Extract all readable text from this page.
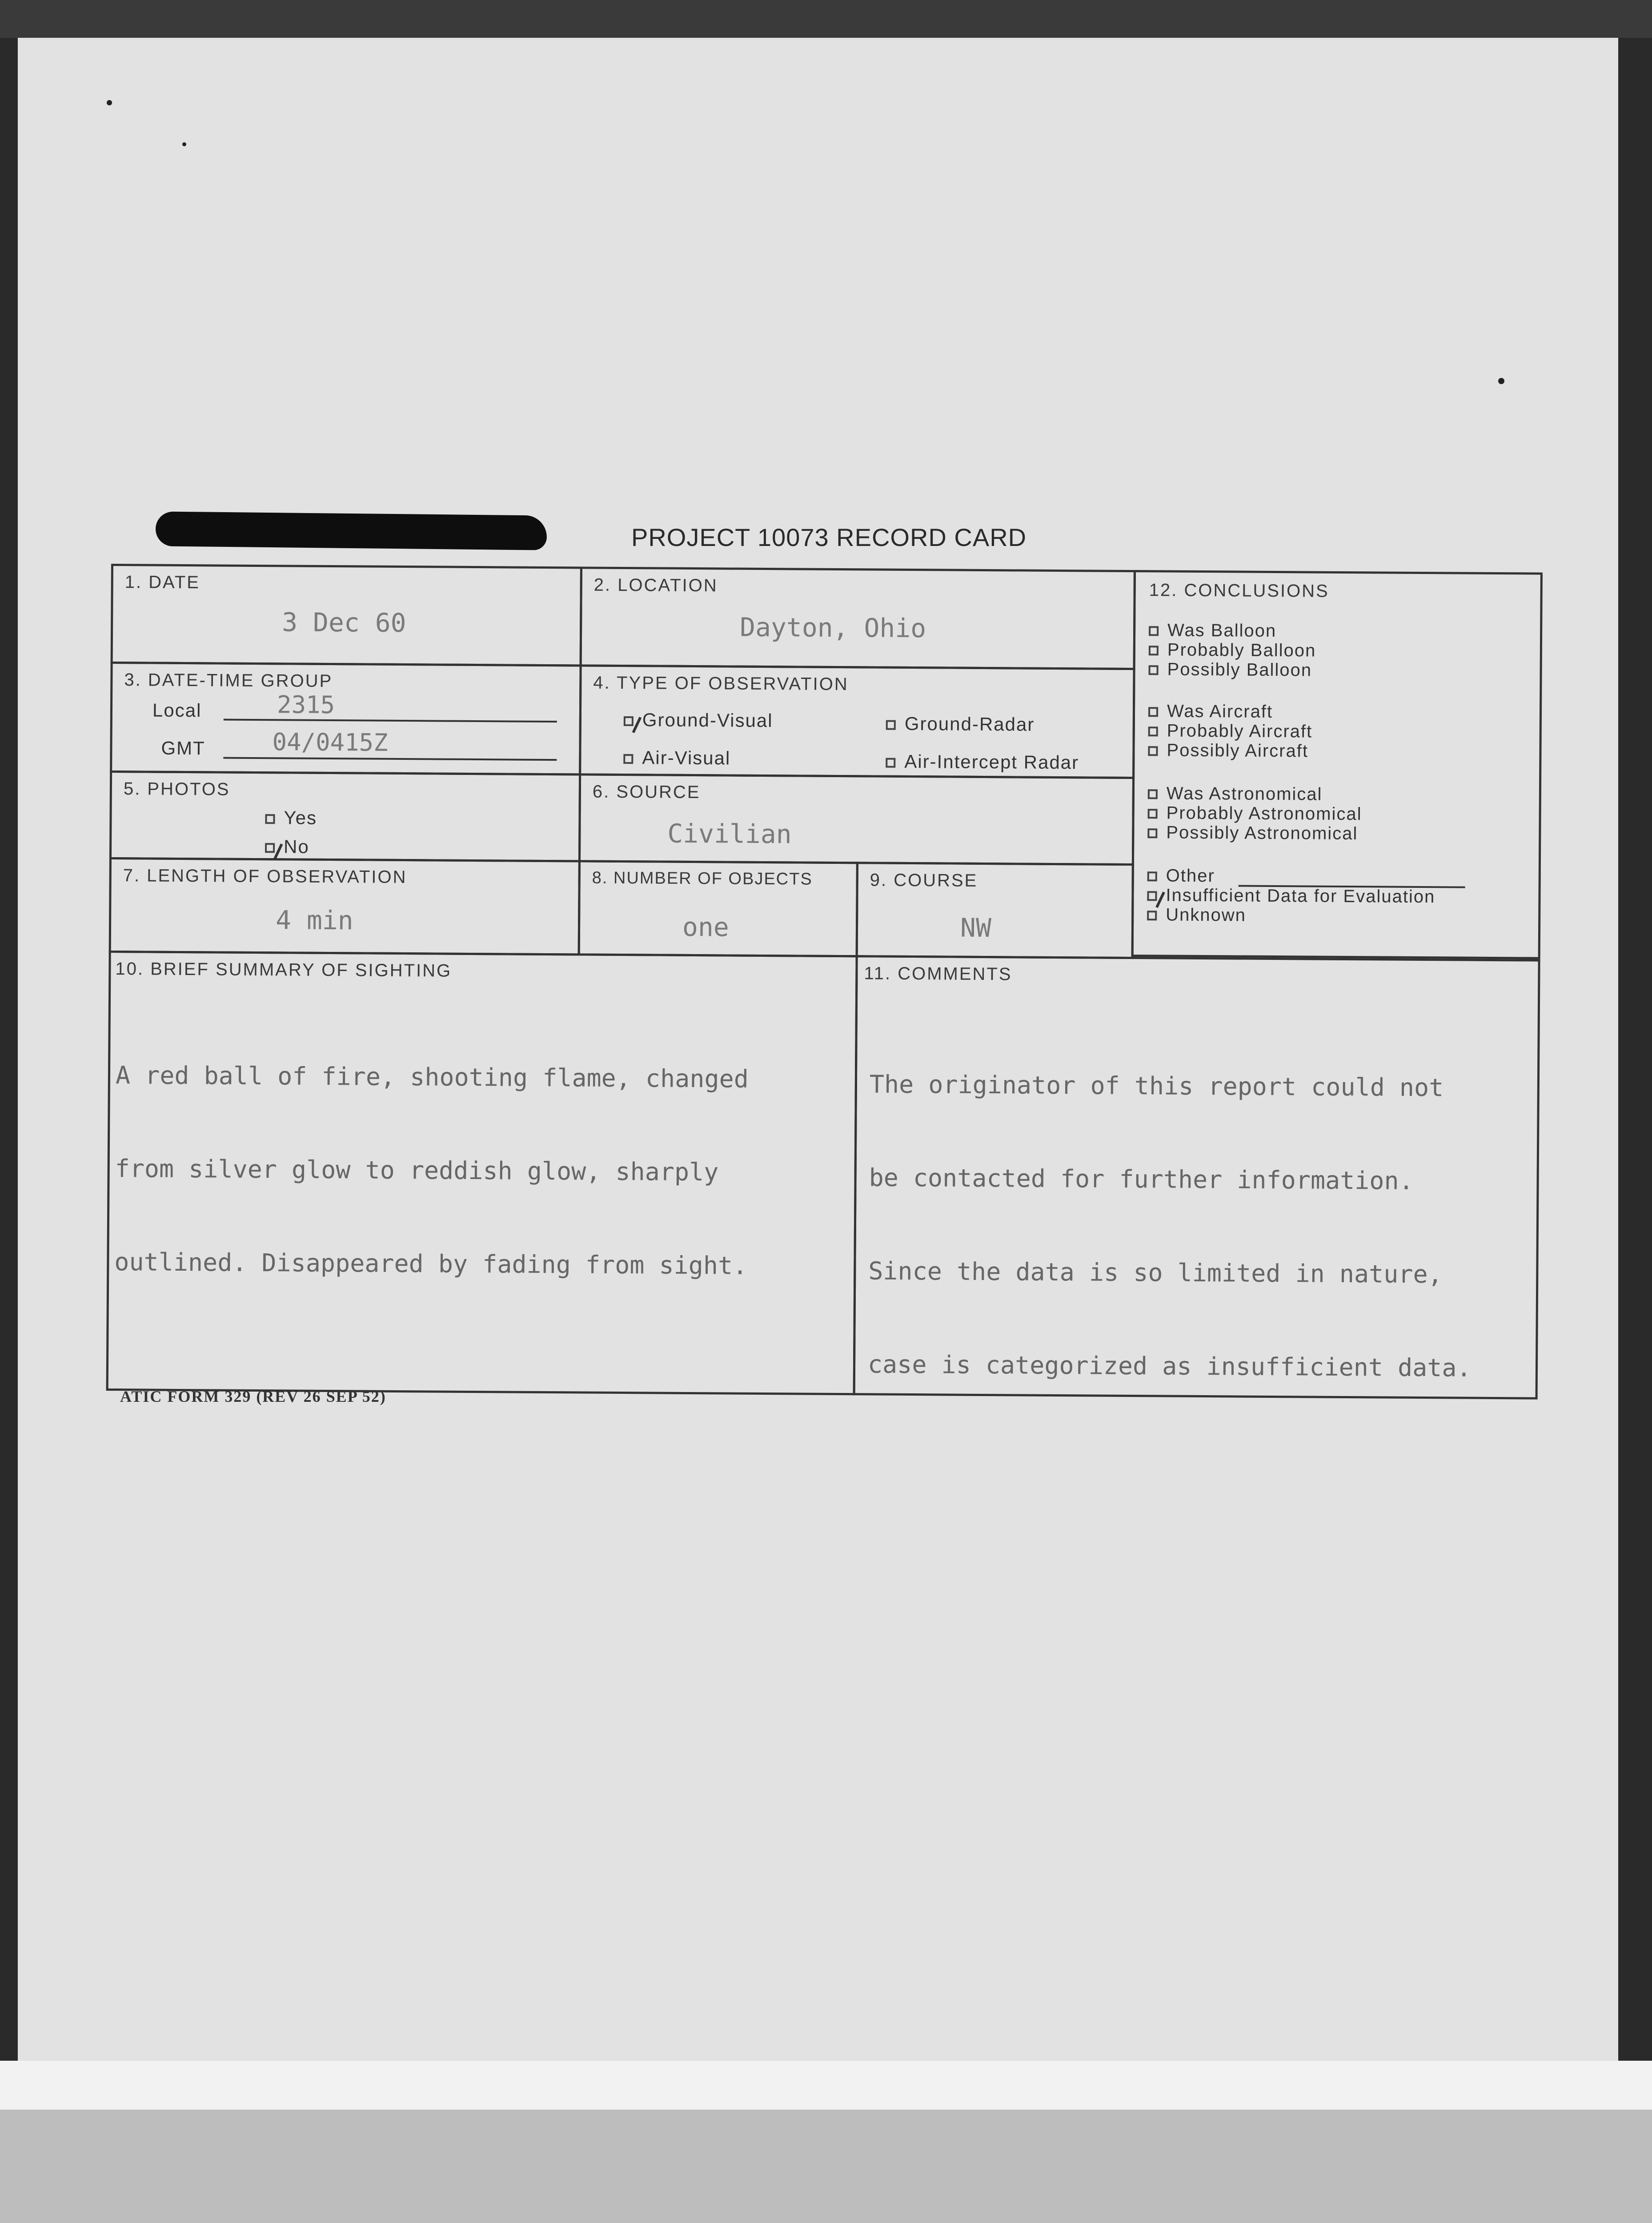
PROJECT 10073 RECORD CARD
1. DATE
3 Dec 60
2. LOCATION
Dayton, Ohio
12. CONCLUSIONS
Was Balloon
Probably Balloon
Possibly Balloon
Was Aircraft
Probably Aircraft
Possibly Aircraft
Was Astronomical
Probably Astronomical
Possibly Astronomical
Other
Insufficient Data for Evaluation
Unknown
3. DATE-TIME GROUP
Local	2315
GMT	04/0415Z
4. TYPE OF OBSERVATION
Ground-Visual	Ground-Radar
Air-Visual	Air-Intercept Radar
5. PHOTOS
Yes
No
6. SOURCE
Civilian
7. LENGTH OF OBSERVATION
4 min
8. NUMBER OF OBJECTS
one
9. COURSE
NW
10. BRIEF SUMMARY OF SIGHTING

A red ball of fire, shooting flame, changed

from silver glow to reddish glow, sharply

outlined. Disappeared by fading from sight.

11. COMMENTS

The originator of this report could not

be contacted for further information.

Since the data is so limited in nature,

case is categorized as insufficient data.

ATIC FORM 329 (REV 26 SEP 52)
